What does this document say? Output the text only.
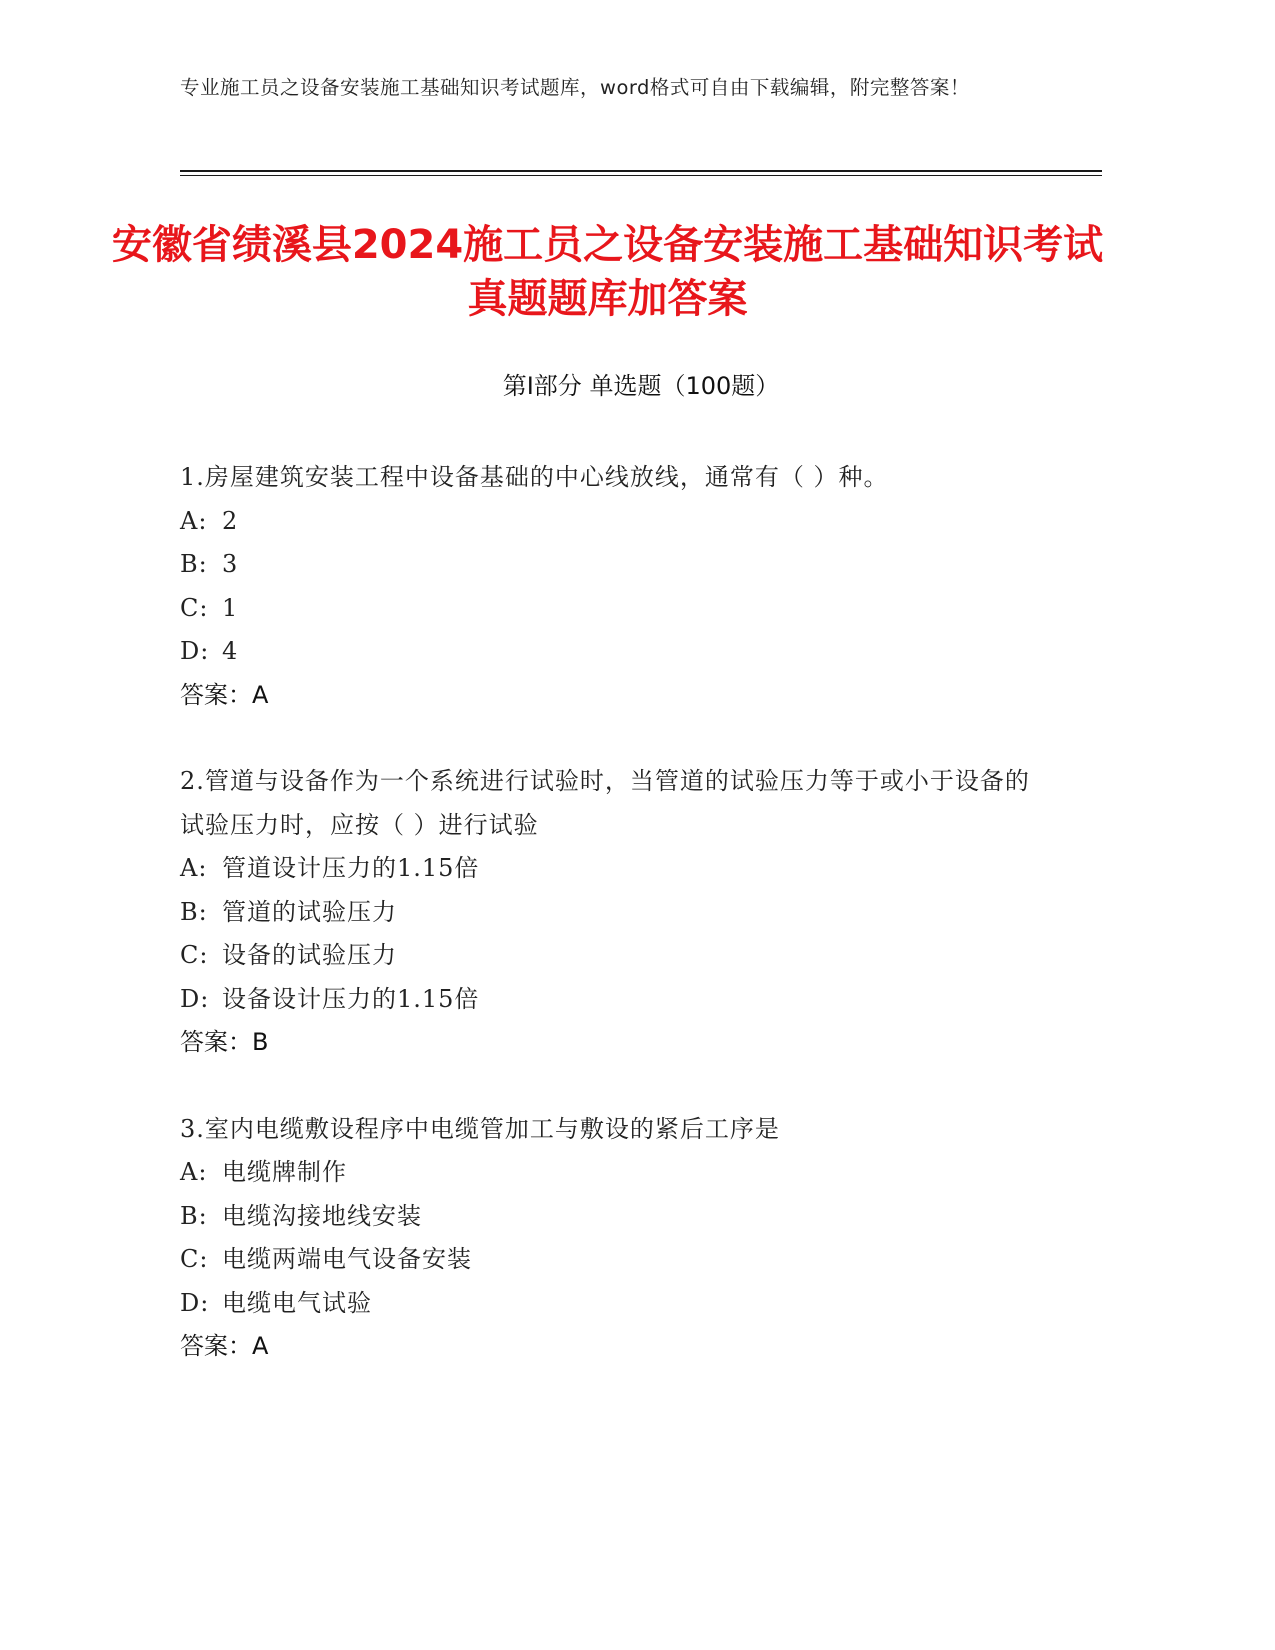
专业施工员之设备安装施工基础知识考试题库，word格式可自由下载编辑，附完整答案！
安徽省绩溪县2024施工员之设备安装施工基础知识考试真题题库加答案
第Ⅰ部分 单选题（100题）

1.房屋建筑安装工程中设备基础的中心线放线，通常有（ ）种。

A: 2
B: 3
C: 1
D: 4
答案：A

2.管道与设备作为一个系统进行试验时，当管道的试验压力等于或小于设备的试验压力时，应按（ ）进行试验

A: 管道设计压力的1.15倍
B: 管道的试验压力
C: 设备的试验压力
D: 设备设计压力的1.15倍
答案：B

3.室内电缆敷设程序中电缆管加工与敷设的紧后工序是

A: 电缆牌制作
B: 电缆沟接地线安装
C: 电缆两端电气设备安装
D: 电缆电气试验
答案：A
